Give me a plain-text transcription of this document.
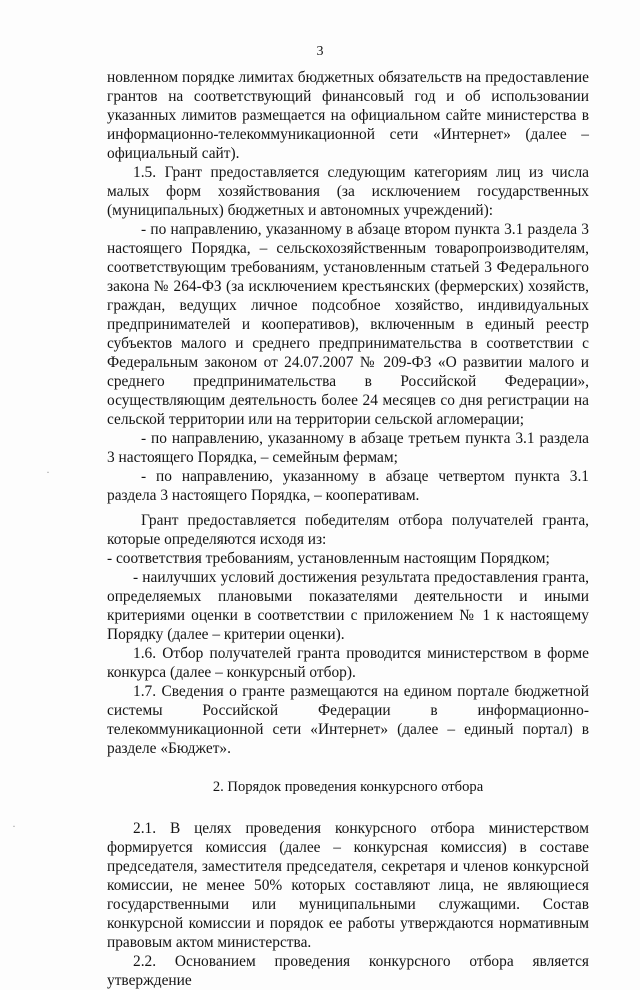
3

новленном порядке лимитах бюджетных обязательств на предоставление грантов на соответствующий финансовый год и об использовании указанных лимитов размещается на официальном сайте министерства в информационно-телекоммуникационной сети «Интернет» (далее – официальный сайт).

1.5. Грант предоставляется следующим категориям лиц из числа малых форм хозяйствования (за исключением государственных (муниципальных) бюджетных и автономных учреждений):

- по направлению, указанному в абзаце втором пункта 3.1 раздела 3 настоящего Порядка, – сельскохозяйственным товаропроизводителям, соответствующим требованиям, установленным статьей 3 Федерального закона № 264-ФЗ (за исключением крестьянских (фермерских) хозяйств, граждан, ведущих личное подсобное хозяйство, индивидуальных предпринимателей и кооперативов), включенным в единый реестр субъектов малого и среднего предпринимательства в соответствии с Федеральным законом от 24.07.2007 № 209-ФЗ «О развитии малого и среднего предпринимательства в Российской Федерации», осуществляющим деятельность более 24 месяцев со дня регистрации на сельской территории или на территории сельской агломерации;

- по направлению, указанному в абзаце третьем пункта 3.1 раздела 3 настоящего Порядка, – семейным фермам;

- по направлению, указанному в абзаце четвертом пункта 3.1 раздела 3 настоящего Порядка, – кооперативам.

Грант предоставляется победителям отбора получателей гранта, которые определяются исходя из:

- соответствия требованиям, установленным настоящим Порядком;

- наилучших условий достижения результата предоставления гранта, определяемых плановыми показателями деятельности и иными критериями оценки в соответствии с приложением № 1 к настоящему Порядку (далее – критерии оценки).

1.6. Отбор получателей гранта проводится министерством в форме конкурса (далее – конкурсный отбор).

1.7. Сведения о гранте размещаются на едином портале бюджетной системы Российской Федерации в информационно-телекоммуникационной сети «Интернет» (далее – единый портал) в разделе «Бюджет».

2. Порядок проведения конкурсного отбора

2.1. В целях проведения конкурсного отбора министерством формируется комиссия (далее – конкурсная комиссия) в составе председателя, заместителя председателя, секретаря и членов конкурсной комиссии, не менее 50% которых составляют лица, не являющиеся государственными или муниципальными служащими. Состав конкурсной комиссии и порядок ее работы утверждаются нормативным правовым актом министерства.

2.2. Основанием проведения конкурсного отбора является утверждение

·
·
